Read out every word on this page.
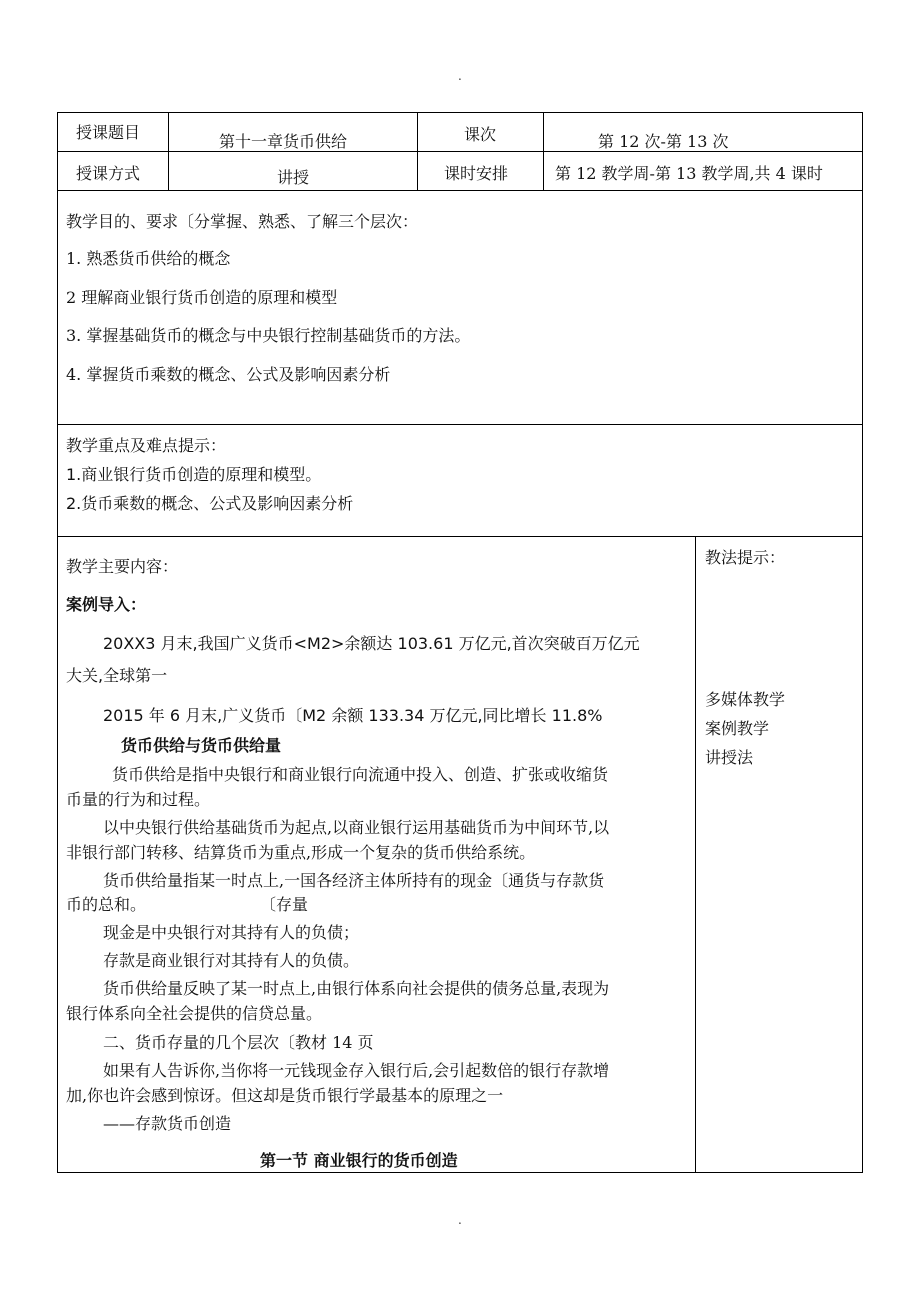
.
授课题目	第十一章货币供给	课次	第 12 次-第 13 次
授课方式	讲授	课时安排	第 12 教学周-第 13 教学周,共 4 课时
教学目的、要求〔分掌握、熟悉、了解三个层次：
1. 熟悉货币供给的概念
2 理解商业银行货币创造的原理和模型
3. 掌握基础货币的概念与中央银行控制基础货币的方法。
4. 掌握货币乘数的概念、公式及影响因素分析
教学重点及难点提示：
1.商业银行货币创造的原理和模型。
2.货币乘数的概念、公式及影响因素分析
教学主要内容：
案例导入：
20XX3 月末,我国广义货币<M2>余额达 103.61 万亿元,首次突破百万亿元
大关,全球第一
2015 年 6 月末,广义货币〔M2 余额 133.34 万亿元,同比增长 11.8%
货币供给与货币供给量
货币供给是指中央银行和商业银行向流通中投入、创造、扩张或收缩货
币量的行为和过程。
以中央银行供给基础货币为起点,以商业银行运用基础货币为中间环节,以
非银行部门转移、结算货币为重点,形成一个复杂的货币供给系统。
货币供给量指某一时点上,一国各经济主体所持有的现金〔通货与存款货
币的总和。	〔存量
现金是中央银行对其持有人的负债；
存款是商业银行对其持有人的负债。
货币供给量反映了某一时点上,由银行体系向社会提供的债务总量,表现为
银行体系向全社会提供的信贷总量。
二、货币存量的几个层次〔教材 14 页
如果有人告诉你,当你将一元钱现金存入银行后,会引起数倍的银行存款增
加,你也许会感到惊讶。但这却是货币银行学最基本的原理之一
——存款货币创造
第一节 商业银行的货币创造
教法提示：
多媒体教学
案例教学
讲授法
.
